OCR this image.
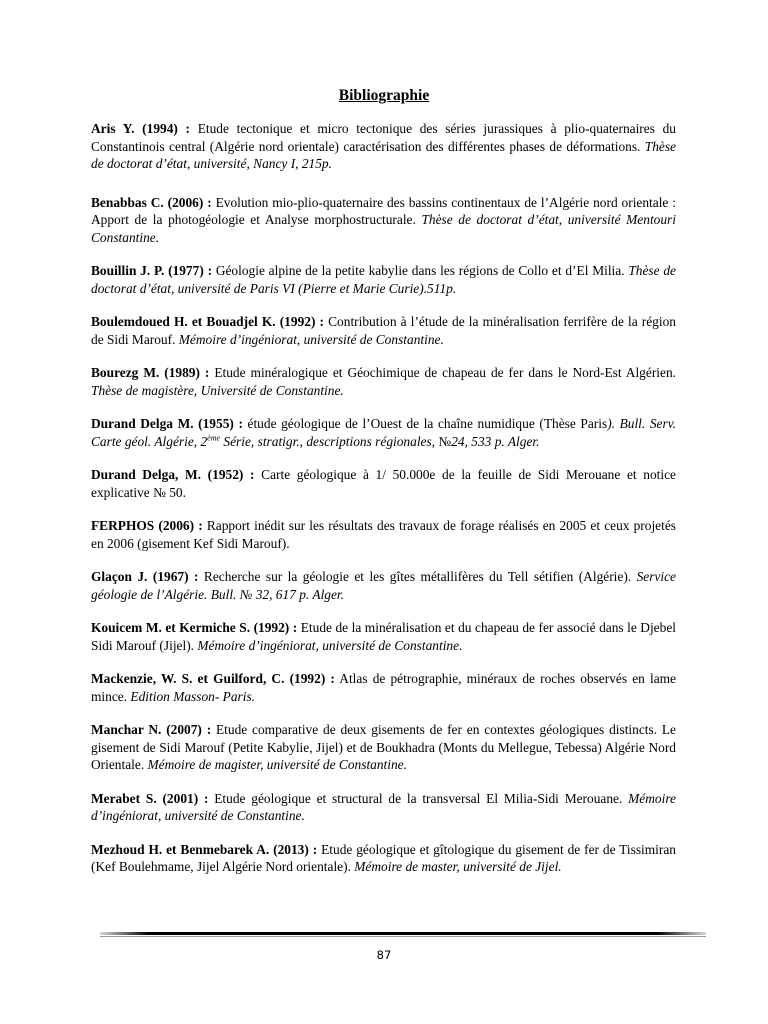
Bibliographie

Aris Y. (1994) : Etude tectonique et micro tectonique des séries jurassiques à plio-quaternaires du Constantinois central (Algérie nord orientale) caractérisation des différentes phases de déformations. Thèse de doctorat d’état, université, Nancy I, 215p.

Benabbas C. (2006) : Evolution mio-plio-quaternaire des bassins continentaux de l’Algérie nord orientale : Apport de la photogéologie et Analyse morphostructurale. Thèse de doctorat d’état, université Mentouri Constantine.

Bouillin J. P. (1977) : Géologie alpine de la petite kabylie dans les régions de Collo et d’El Milia. Thèse de doctorat d’état, université de Paris VI (Pierre et Marie Curie).511p.

Boulemdoued H. et Bouadjel K. (1992) : Contribution à l’étude de la minéralisation ferrifère de la région de Sidi Marouf. Mémoire d’ingéniorat, université de Constantine.

Bourezg M. (1989) : Etude minéralogique et Géochimique de chapeau de fer dans le Nord-Est Algérien. Thèse de magistère, Université de Constantine.

Durand Delga M. (1955) : étude géologique de l’Ouest de la chaîne numidique (Thèse Paris). Bull. Serv. Carte géol. Algérie, 2ème Série, stratigr., descriptions régionales, №24, 533 p. Alger.

Durand Delga, M. (1952) : Carte géologique à 1/ 50.000e de la feuille de Sidi Merouane et notice explicative № 50.

FERPHOS (2006) : Rapport inédit sur les résultats des travaux de forage réalisés en 2005 et ceux projetés en 2006 (gisement Kef Sidi Marouf).

Glaçon J. (1967) : Recherche sur la géologie et les gîtes métallifères du Tell sétifien (Algérie). Service géologie de l’Algérie. Bull. № 32, 617 p. Alger.

Kouicem M. et Kermiche S. (1992) : Etude de la minéralisation et du chapeau de fer associé dans le Djebel Sidi Marouf (Jijel). Mémoire d’ingéniorat, université de Constantine.

Mackenzie, W. S. et Guilford, C. (1992) : Atlas de pétrographie, minéraux de roches observés en lame mince. Edition Masson- Paris.

Manchar N. (2007) : Etude comparative de deux gisements de fer en contextes géologiques distincts. Le gisement de Sidi Marouf (Petite Kabylie, Jijel) et de Boukhadra (Monts du Mellegue, Tebessa) Algérie Nord Orientale. Mémoire de magister, université de Constantine.

Merabet S. (2001) : Etude géologique et structural de la transversal El Milia-Sidi Merouane. Mémoire d’ingéniorat, université de Constantine.

Mezhoud H. et Benmebarek A. (2013) : Etude géologique et gîtologique du gisement de fer de Tissimiran (Kef Boulehmame, Jijel Algérie Nord orientale). Mémoire de master, université de Jijel.

87
